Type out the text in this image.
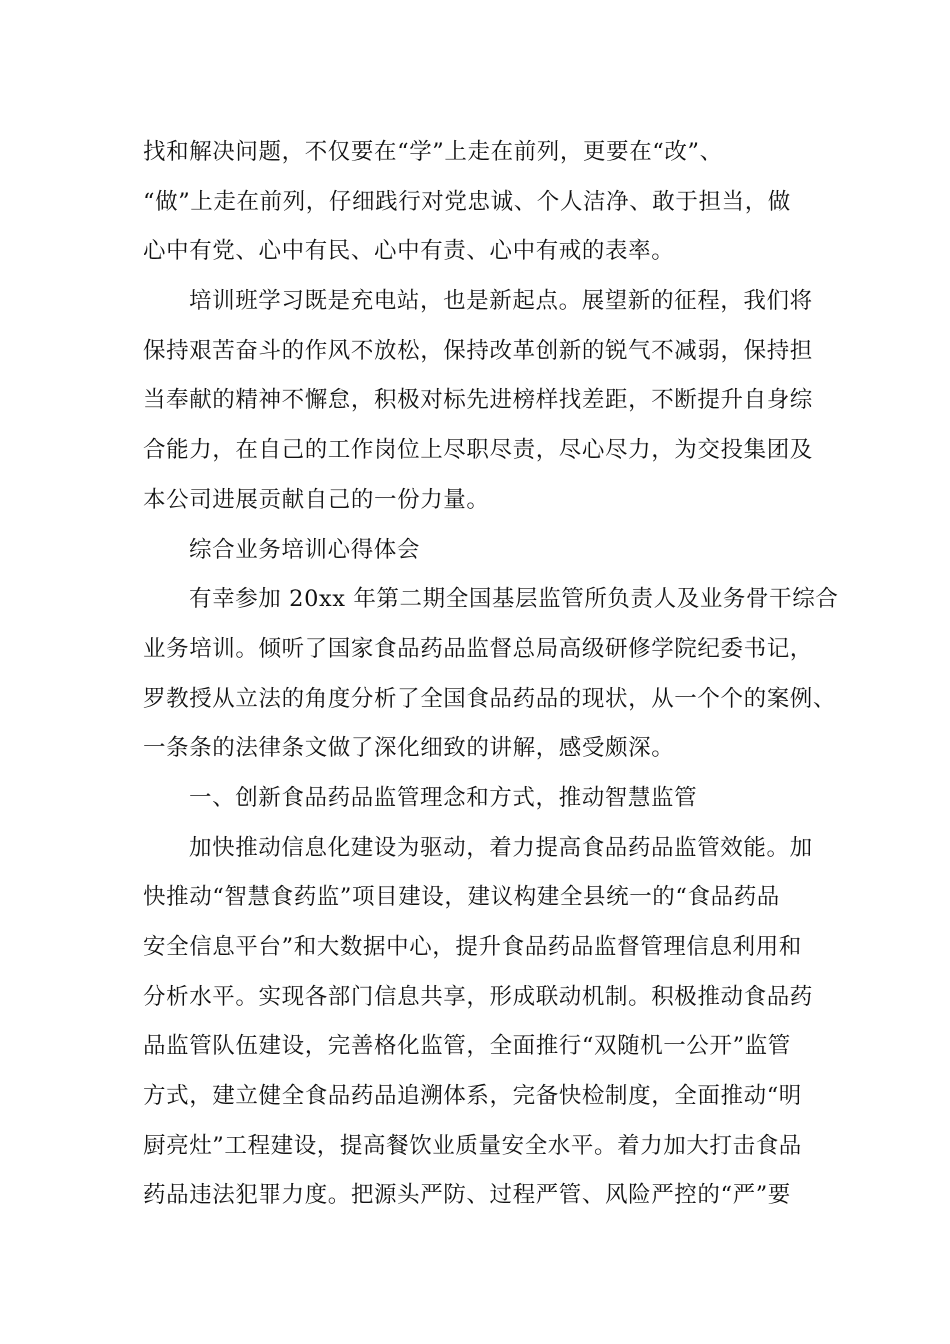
找和解决问题，不仅要在“学”上走在前列，更要在“改”、
“做”上走在前列，仔细践行对党忠诚、个人洁净、敢于担当，做
心中有党、心中有民、心中有责、心中有戒的表率。
培训班学习既是充电站，也是新起点。展望新的征程，我们将
保持艰苦奋斗的作风不放松，保持改革创新的锐气不减弱，保持担
当奉献的精神不懈怠，积极对标先进榜样找差距，不断提升自身综
合能力，在自己的工作岗位上尽职尽责，尽心尽力，为交投集团及
本公司进展贡献自己的一份力量。
综合业务培训心得体会
有幸参加 20xx 年第二期全国基层监管所负责人及业务骨干综合
业务培训。倾听了国家食品药品监督总局高级研修学院纪委书记，
罗教授从立法的角度分析了全国食品药品的现状，从一个个的案例、
一条条的法律条文做了深化细致的讲解，感受颇深。
一、创新食品药品监管理念和方式，推动智慧监管
加快推动信息化建设为驱动，着力提高食品药品监管效能。加
快推动“智慧食药监”项目建设，建议构建全县统一的“食品药品
安全信息平台”和大数据中心，提升食品药品监督管理信息利用和
分析水平。实现各部门信息共享，形成联动机制。积极推动食品药
品监管队伍建设，完善格化监管，全面推行“双随机一公开”监管
方式，建立健全食品药品追溯体系，完备快检制度，全面推动“明
厨亮灶”工程建设，提高餐饮业质量安全水平。着力加大打击食品
药品违法犯罪力度。把源头严防、过程严管、风险严控的“严”要
